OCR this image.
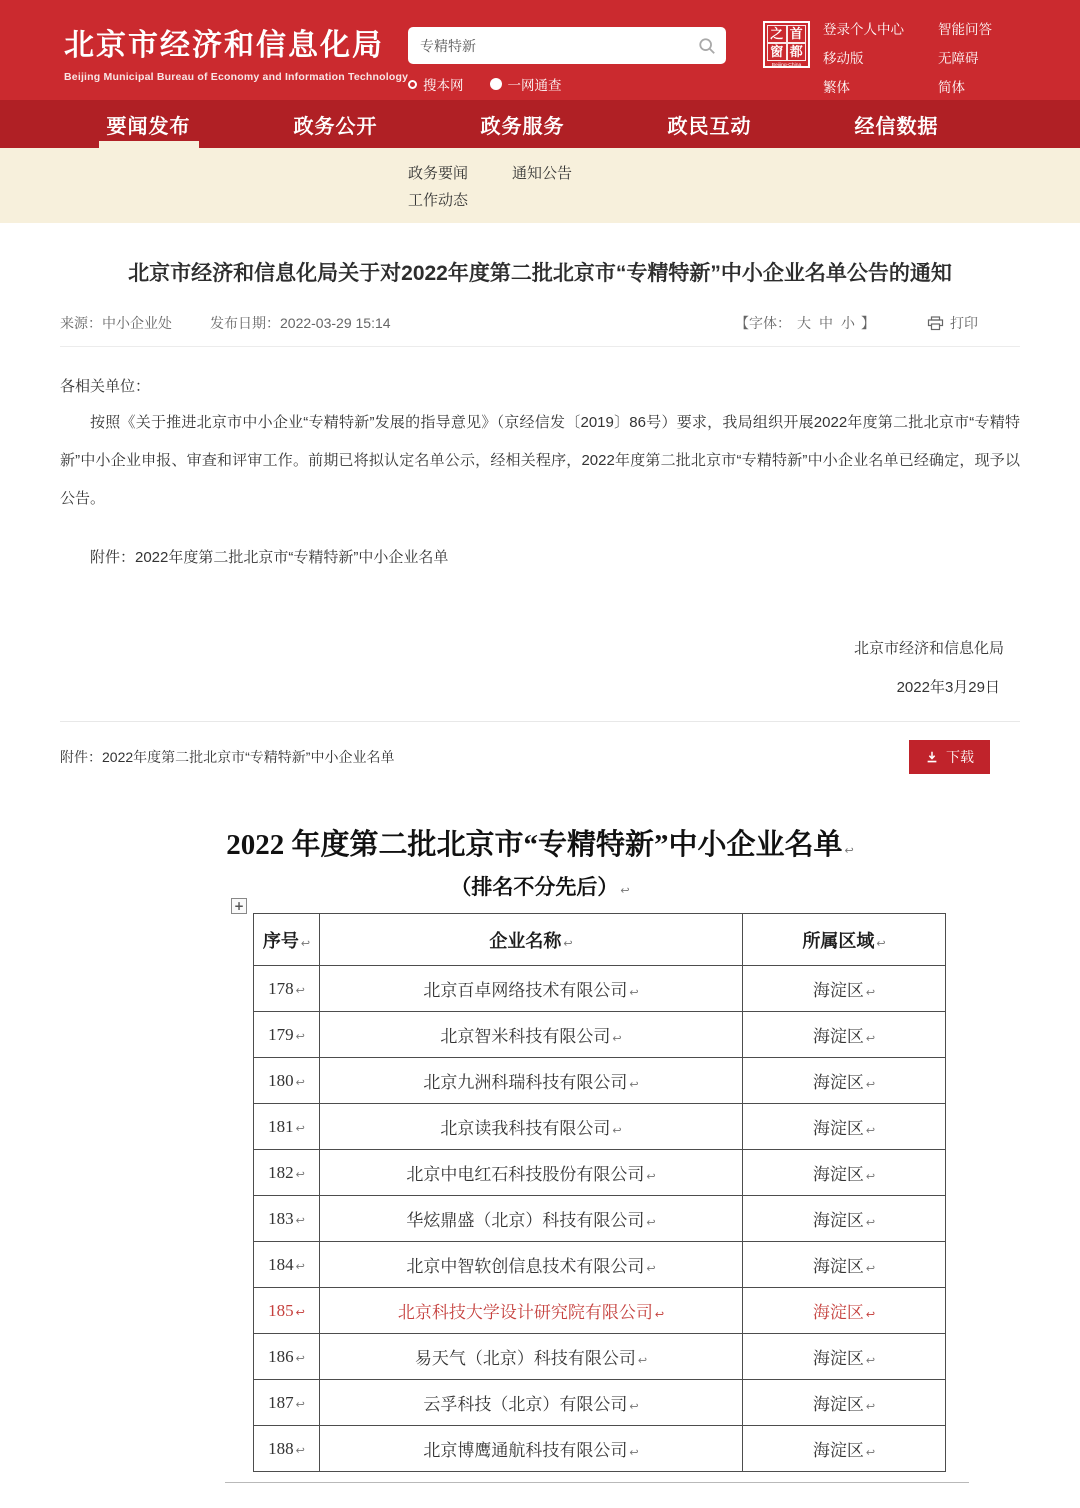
北京市经济和信息化局
Beijing Municipal Bureau of Economy and Information Technology
专精特新
搜本网	一网通查
之 首
窗 都
Beijing-China
登录个人中心
移动版
繁体
智能问答
无障碍
简体
要闻发布	政务公开	政务服务	政民互动	经信数据
政务要闻	通知公告
工作动态
北京市经济和信息化局关于对2022年度第二批北京市“专精特新”中小企业名单公告的通知
来源：中小企业处	发布日期：2022-03-29 15:14	【字体： 大 中 小 】	打印
各相关单位：
按照《关于推进北京市中小企业“专精特新”发展的指导意见》（京经信发〔2019〕86号）要求，我局组织开展2022年度第二批北京市“专精特新”中小企业申报、审查和评审工作。前期已将拟认定名单公示，经相关程序，2022年度第二批北京市“专精特新”中小企业名单已经确定，现予以公告。
附件：2022年度第二批北京市“专精特新”中小企业名单
北京市经济和信息化局
2022年3月29日
附件：2022年度第二批北京市“专精特新”中小企业名单	下载
2022 年度第二批北京市“专精特新”中小企业名单 ↩
（排名不分先后） ↩
+
序号 ↩	企业名称 ↩	所属区域 ↩
178 ↩	北京百卓网络技术有限公司 ↩	海淀区 ↩
179 ↩	北京智米科技有限公司 ↩	海淀区 ↩
180 ↩	北京九洲科瑞科技有限公司 ↩	海淀区 ↩
181 ↩	北京读我科技有限公司 ↩	海淀区 ↩
182 ↩	北京中电红石科技股份有限公司 ↩	海淀区 ↩
183 ↩	华炫鼎盛（北京）科技有限公司 ↩	海淀区 ↩
184 ↩	北京中智软创信息技术有限公司 ↩	海淀区 ↩
185 ↩	北京科技大学设计研究院有限公司 ↩	海淀区 ↩
186 ↩	易天气（北京）科技有限公司 ↩	海淀区 ↩
187 ↩	云孚科技（北京）有限公司 ↩	海淀区 ↩
188 ↩	北京博鹰通航科技有限公司 ↩	海淀区 ↩
